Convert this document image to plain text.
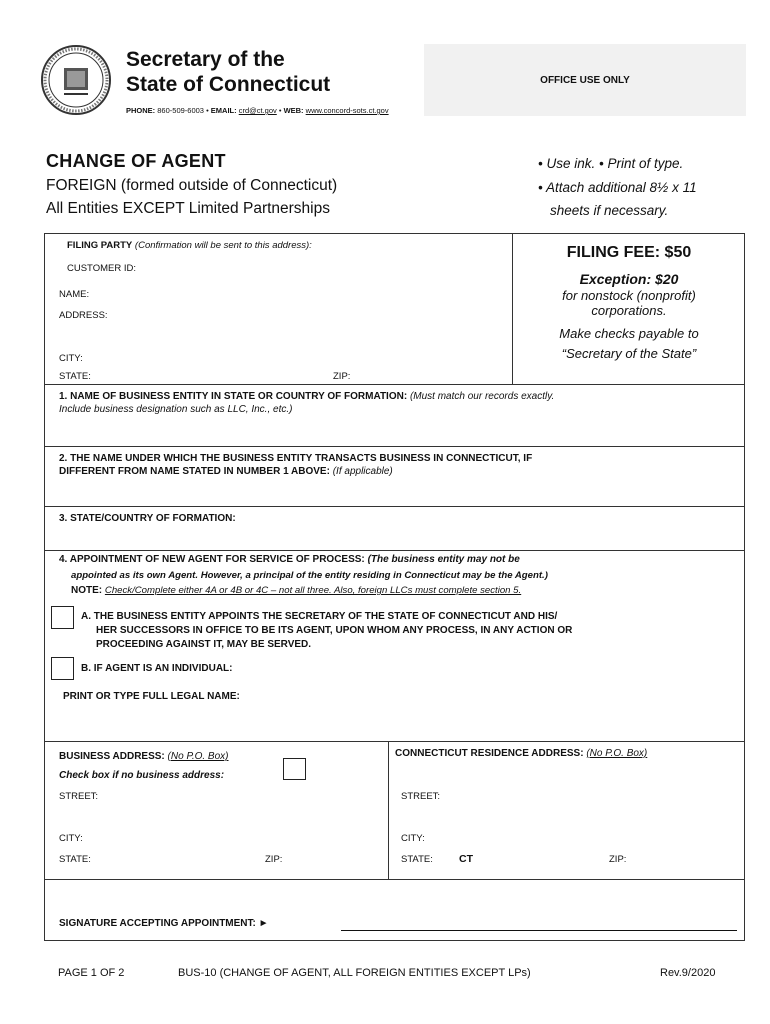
Secretary of the
State of Connecticut
PHONE: 860-509-6003 • EMAIL: crd@ct.gov • WEB: www.concord-sots.ct.gov
OFFICE USE ONLY
CHANGE OF AGENT
FOREIGN (formed outside of Connecticut)
All Entities EXCEPT Limited Partnerships
• Use ink. • Print of type.
• Attach additional 8½ x 11
sheets if necessary.
FILING PARTY (Confirmation will be sent to this address):
CUSTOMER ID:
NAME:
ADDRESS:
CITY:
STATE:	ZIP:
FILING FEE: $50
Exception: $20
for nonstock (nonprofit)
corporations.
Make checks payable to
“Secretary of the State”
1. NAME OF BUSINESS ENTITY IN STATE OR COUNTRY OF FORMATION: (Must match our records exactly.
Include business designation such as LLC, Inc., etc.)
2. THE NAME UNDER WHICH THE BUSINESS ENTITY TRANSACTS BUSINESS IN CONNECTICUT, IF
DIFFERENT FROM NAME STATED IN NUMBER 1 ABOVE: (If applicable)
3. STATE/COUNTRY OF FORMATION:
4. APPOINTMENT OF NEW AGENT FOR SERVICE OF PROCESS: (The business entity may not be
appointed as its own Agent. However, a principal of the entity residing in Connecticut may be the Agent.)
NOTE: Check/Complete either 4A or 4B or 4C – not all three. Also, foreign LLCs must complete section 5.
A. THE BUSINESS ENTITY APPOINTS THE SECRETARY OF THE STATE OF CONNECTICUT AND HIS/
HER SUCCESSORS IN OFFICE TO BE ITS AGENT, UPON WHOM ANY PROCESS, IN ANY ACTION OR
PROCEEDING AGAINST IT, MAY BE SERVED.
B. IF AGENT IS AN INDIVIDUAL:
PRINT OR TYPE FULL LEGAL NAME:
BUSINESS ADDRESS: (No P.O. Box)
Check box if no business address:
STREET:
CITY:
STATE:	ZIP:
CONNECTICUT RESIDENCE ADDRESS: (No P.O. Box)
STREET:
CITY:
STATE: CT	ZIP:
SIGNATURE ACCEPTING APPOINTMENT: ►
PAGE 1 OF 2	BUS-10 (CHANGE OF AGENT, ALL FOREIGN ENTITIES EXCEPT LPs)	Rev.9/2020
